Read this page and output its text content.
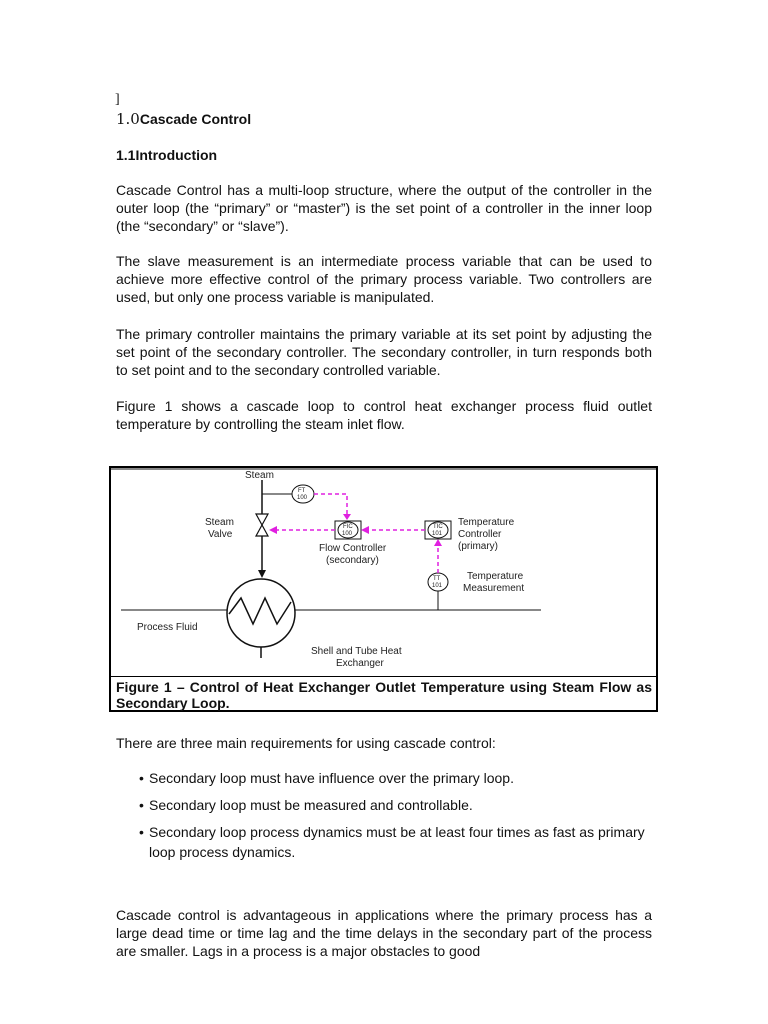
]
1.0Cascade Control
1.1Introduction

Cascade Control has a multi-loop structure, where the output of the controller in the outer loop (the “primary” or “master”) is the set point of a controller in the inner loop (the “secondary” or “slave”).

The slave measurement is an intermediate process variable that can be used to achieve more effective control of the primary process variable. Two controllers are used, but only one process variable is manipulated.

The primary controller maintains the primary variable at its set point by adjusting the set point of the secondary controller. The secondary controller, in turn responds both to set point and to the secondary controlled variable.

Figure 1 shows a cascade loop to control heat exchanger process fluid outlet temperature by controlling the steam inlet flow.

Steam
Steam
Valve
FT
100
FIC
100
Flow Controller
(secondary)
TIC
101
Temperature
Controller
(primary)
TT
101
Temperature
Measurement
Process Fluid
Shell and Tube Heat
Exchanger
Figure 1 – Control of Heat Exchanger Outlet Temperature using Steam Flow as Secondary Loop.

There are three main requirements for using cascade control:

• Secondary loop must have influence over the primary loop.
• Secondary loop must be measured and controllable.
• Secondary loop process dynamics must be at least four times as fast as primary loop process dynamics.

Cascade control is advantageous in applications where the primary process has a large dead time or time lag and the time delays in the secondary part of the process are smaller. Lags in a process is a major obstacles to good
